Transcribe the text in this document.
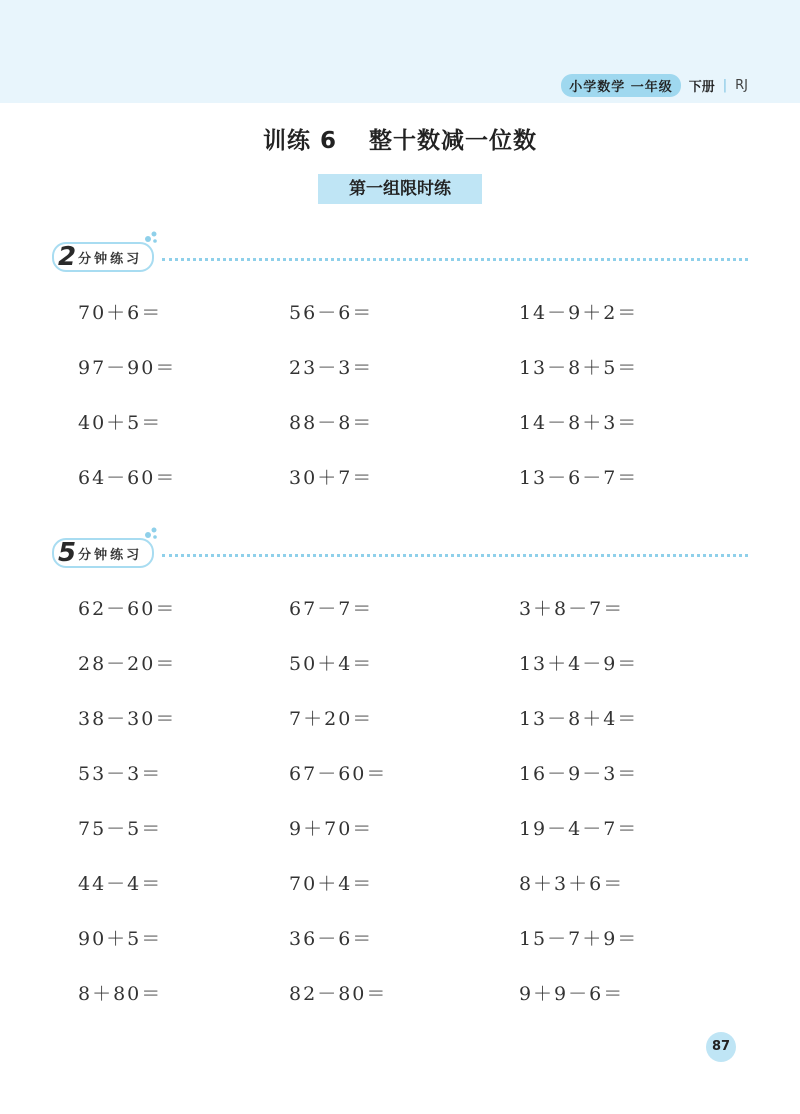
小学数学 一年级	下册 | RJ
训练 6 整十数减一位数
第一组限时练
2 分钟练习
70＋6＝	56－6＝	14－9＋2＝
97－90＝	23－3＝	13－8＋5＝
40＋5＝	88－8＝	14－8＋3＝
64－60＝	30＋7＝	13－6－7＝
5 分钟练习
62－60＝	67－7＝	3＋8－7＝
28－20＝	50＋4＝	13＋4－9＝
38－30＝	7＋20＝	13－8＋4＝
53－3＝	67－60＝	16－9－3＝
75－5＝	9＋70＝	19－4－7＝
44－4＝	70＋4＝	8＋3＋6＝
90＋5＝	36－6＝	15－7＋9＝
8＋80＝	82－80＝	9＋9－6＝
87
